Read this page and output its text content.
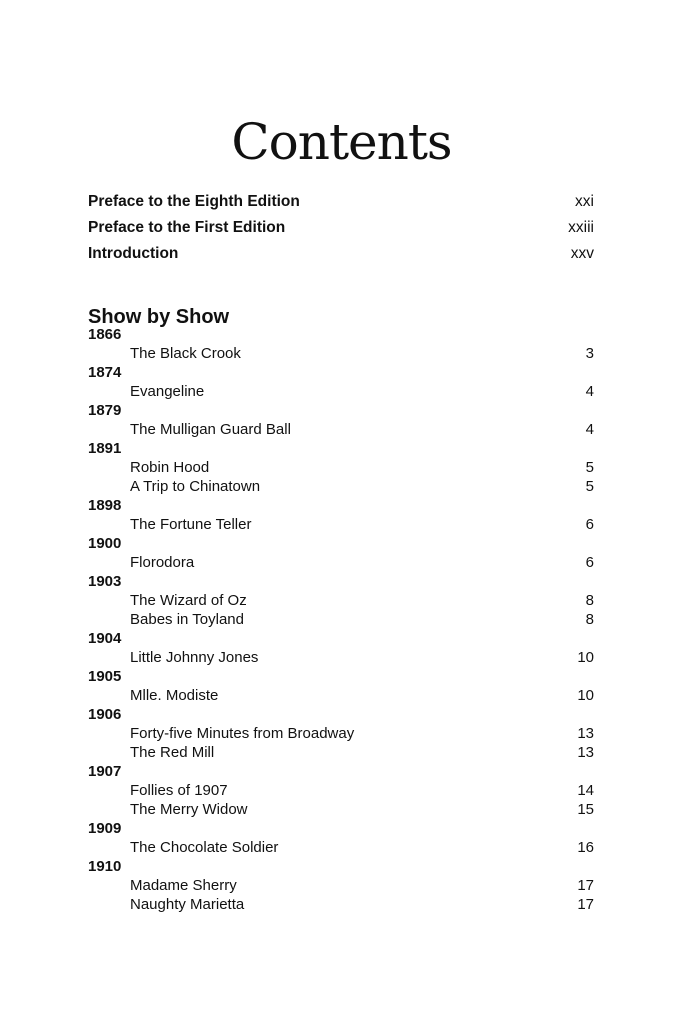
Contents
Preface to the Eighth Edition	xxi
Preface to the First Edition	xxiii
Introduction	xxv
Show by Show
1866
The Black Crook	3
1874
Evangeline	4
1879
The Mulligan Guard Ball	4
1891
Robin Hood	5
A Trip to Chinatown	5
1898
The Fortune Teller	6
1900
Florodora	6
1903
The Wizard of Oz	8
Babes in Toyland	8
1904
Little Johnny Jones	10
1905
Mlle. Modiste	10
1906
Forty-five Minutes from Broadway	13
The Red Mill	13
1907
Follies of 1907	14
The Merry Widow	15
1909
The Chocolate Soldier	16
1910
Madame Sherry	17
Naughty Marietta	17
